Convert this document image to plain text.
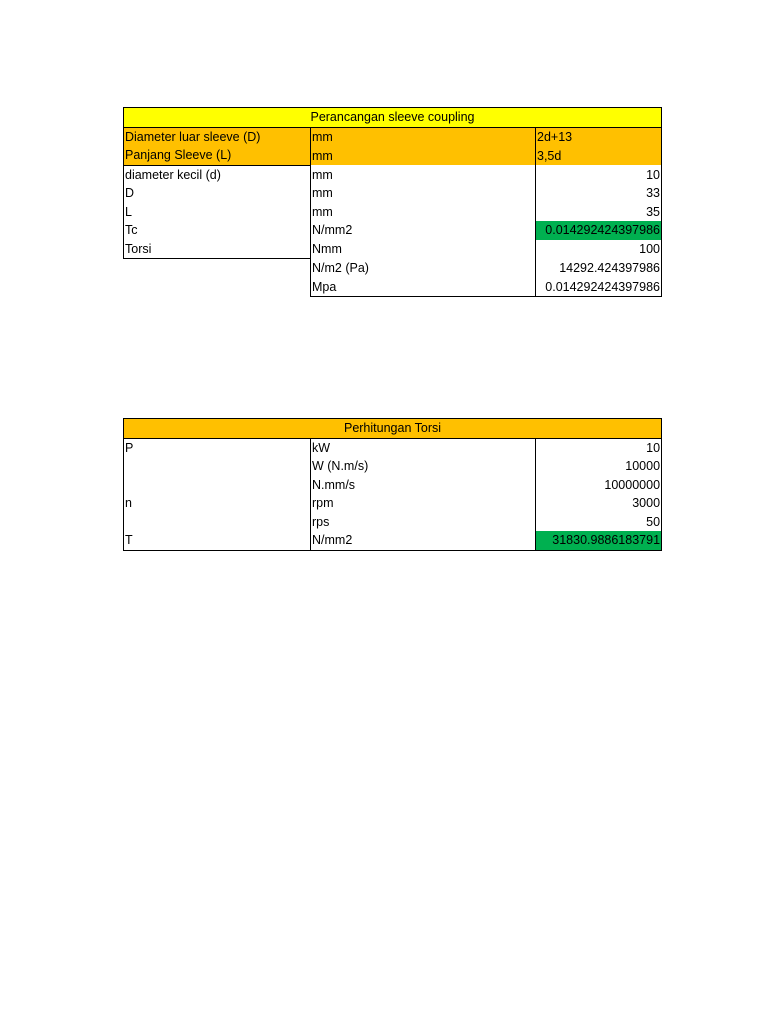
Perancangan sleeve coupling		
Diameter luar sleeve (D)	mm	2d+13
Panjang Sleeve (L)	mm	3,5d
diameter kecil (d)	mm	10
D	mm	33
L	mm	35
Tc	N/mm2	0.014292424397986
Torsi	Nmm	100
	N/m2 (Pa)	14292.424397986
	Mpa	0.014292424397986
Perhitungan Torsi		
P	kW	10
	W (N.m/s)	10000
	N.mm/s	10000000
n	rpm	3000
	rps	50
T	N/mm2	31830.9886183791
